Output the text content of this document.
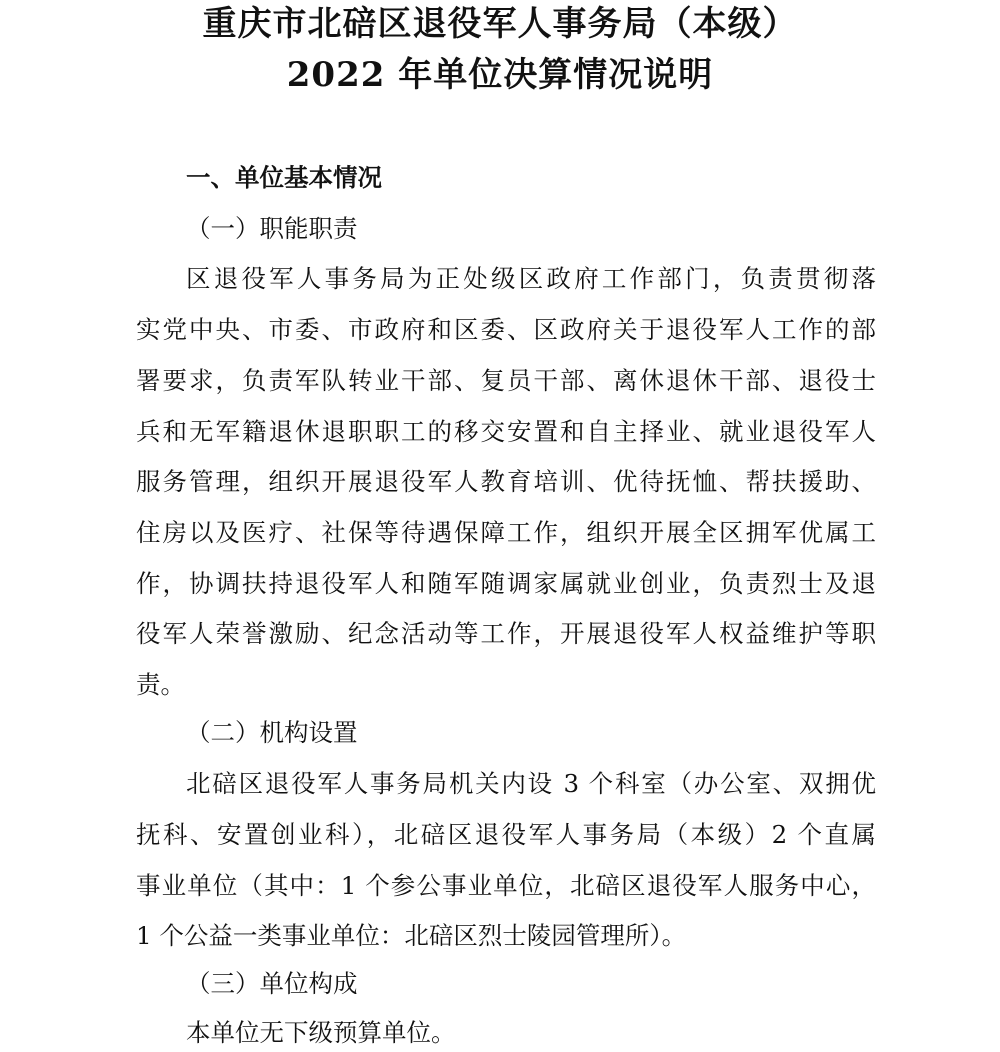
重庆市北碚区退役军人事务局（本级）
2022 年单位决算情况说明
一、单位基本情况
（一）职能职责
区退役军人事务局为正处级区政府工作部门，负责贯彻落
实党中央、市委、市政府和区委、区政府关于退役军人工作的部
署要求，负责军队转业干部、复员干部、离休退休干部、退役士
兵和无军籍退休退职职工的移交安置和自主择业、就业退役军人
服务管理，组织开展退役军人教育培训、优待抚恤、帮扶援助、
住房以及医疗、社保等待遇保障工作，组织开展全区拥军优属工
作，协调扶持退役军人和随军随调家属就业创业，负责烈士及退
役军人荣誉激励、纪念活动等工作，开展退役军人权益维护等职
责。
（二）机构设置
北碚区退役军人事务局机关内设 3 个科室（办公室、双拥优
抚科、安置创业科），北碚区退役军人事务局（本级）2 个直属
事业单位（其中：1 个参公事业单位，北碚区退役军人服务中心，
1 个公益一类事业单位：北碚区烈士陵园管理所）。
（三）单位构成
本单位无下级预算单位。
